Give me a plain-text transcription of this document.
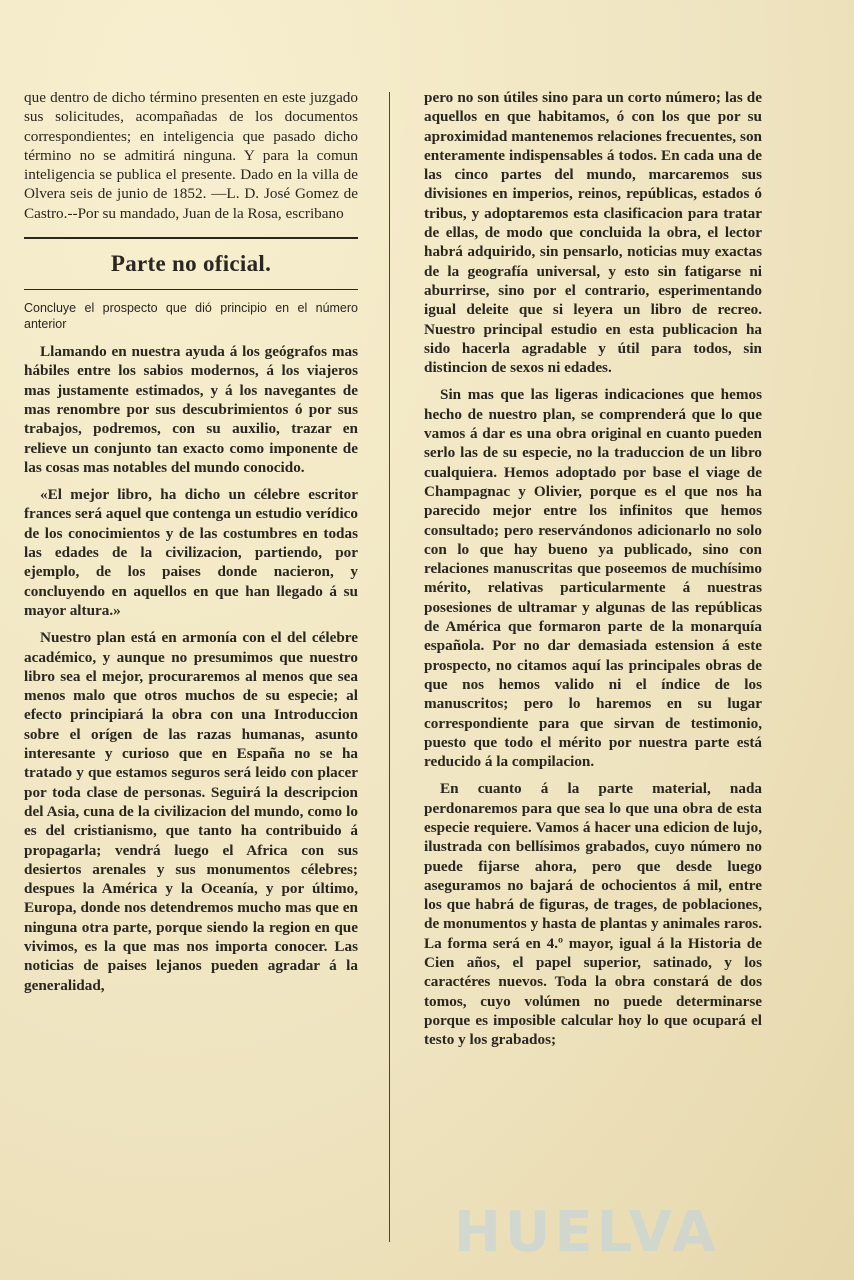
que dentro de dicho término presenten en este juzgado sus solicitudes, acompañadas de los documentos correspondientes; en inteligencia que pasado dicho término no se admitirá ninguna. Y para la comun inteligencia se publica el presente. Dado en la villa de Olvera seis de junio de 1852. —L. D. José Gomez de Castro.--Por su mandado, Juan de la Rosa, escribano

Parte no oficial.

Concluye el prospecto que dió principio en el número anterior

Llamando en nuestra ayuda á los geógrafos mas hábiles entre los sabios modernos, á los viajeros mas justamente estimados, y á los navegantes de mas renombre por sus descubrimientos ó por sus trabajos, podremos, con su auxilio, trazar en relieve un conjunto tan exacto como imponente de las cosas mas notables del mundo conocido.

«El mejor libro, ha dicho un célebre escritor frances será aquel que contenga un estudio verídico de los conocimientos y de las costumbres en todas las edades de la civilizacion, partiendo, por ejemplo, de los paises donde nacieron, y concluyendo en aquellos en que han llegado á su mayor altura.»

Nuestro plan está en armonía con el del célebre académico, y aunque no presumimos que nuestro libro sea el mejor, procuraremos al menos que sea menos malo que otros muchos de su especie; al efecto principiará la obra con una Introduccion sobre el orígen de las razas humanas, asunto interesante y curioso que en España no se ha tratado y que estamos seguros será leido con placer por toda clase de personas. Seguirá la descripcion del Asia, cuna de la civilizacion del mundo, como lo es del cristianismo, que tanto ha contribuido á propagarla; vendrá luego el Africa con sus desiertos arenales y sus monumentos célebres; despues la América y la Oceanía, y por último, Europa, donde nos detendremos mucho mas que en ninguna otra parte, porque siendo la region en que vivimos, es la que mas nos importa conocer. Las noticias de paises lejanos pueden agradar á la generalidad,

pero no son útiles sino para un corto número; las de aquellos en que habitamos, ó con los que por su aproximidad mantenemos relaciones frecuentes, son enteramente indispensables á todos. En cada una de las cinco partes del mundo, marcaremos sus divisiones en imperios, reinos, repúblicas, estados ó tribus, y adoptaremos esta clasificacion para tratar de ellas, de modo que concluida la obra, el lector habrá adquirido, sin pensarlo, noticias muy exactas de la geografía universal, y esto sin fatigarse ni aburrirse, sino por el contrario, esperimentando igual deleite que si leyera un libro de recreo. Nuestro principal estudio en esta publicacion ha sido hacerla agradable y útil para todos, sin distincion de sexos ni edades.

Sin mas que las ligeras indicaciones que hemos hecho de nuestro plan, se comprenderá que lo que vamos á dar es una obra original en cuanto pueden serlo las de su especie, no la traduccion de un libro cualquiera. Hemos adoptado por base el viage de Champagnac y Olivier, porque es el que nos ha parecido mejor entre los infinitos que hemos consultado; pero reservándonos adicionarlo no solo con lo que hay bueno ya publicado, sino con relaciones manuscritas que poseemos de muchísimo mérito, relativas particularmente á nuestras posesiones de ultramar y algunas de las repúblicas de América que formaron parte de la monarquía española. Por no dar demasiada estension á este prospecto, no citamos aquí las principales obras de que nos hemos valido ni el índice de los manuscritos; pero lo haremos en su lugar correspondiente para que sirvan de testimonio, puesto que todo el mérito por nuestra parte está reducido á la compilacion.

En cuanto á la parte material, nada perdonaremos para que sea lo que una obra de esta especie requiere. Vamos á hacer una edicion de lujo, ilustrada con bellísimos grabados, cuyo número no puede fijarse ahora, pero que desde luego aseguramos no bajará de ochocientos á mil, entre los que habrá de figuras, de trages, de poblaciones, de monumentos y hasta de plantas y animales raros. La forma será en 4.º mayor, igual á la Historia de Cien años, el papel superior, satinado, y los caractéres nuevos. Toda la obra constará de dos tomos, cuyo volúmen no puede determinarse porque es imposible calcular hoy lo que ocupará el testo y los grabados;

HUELVA
